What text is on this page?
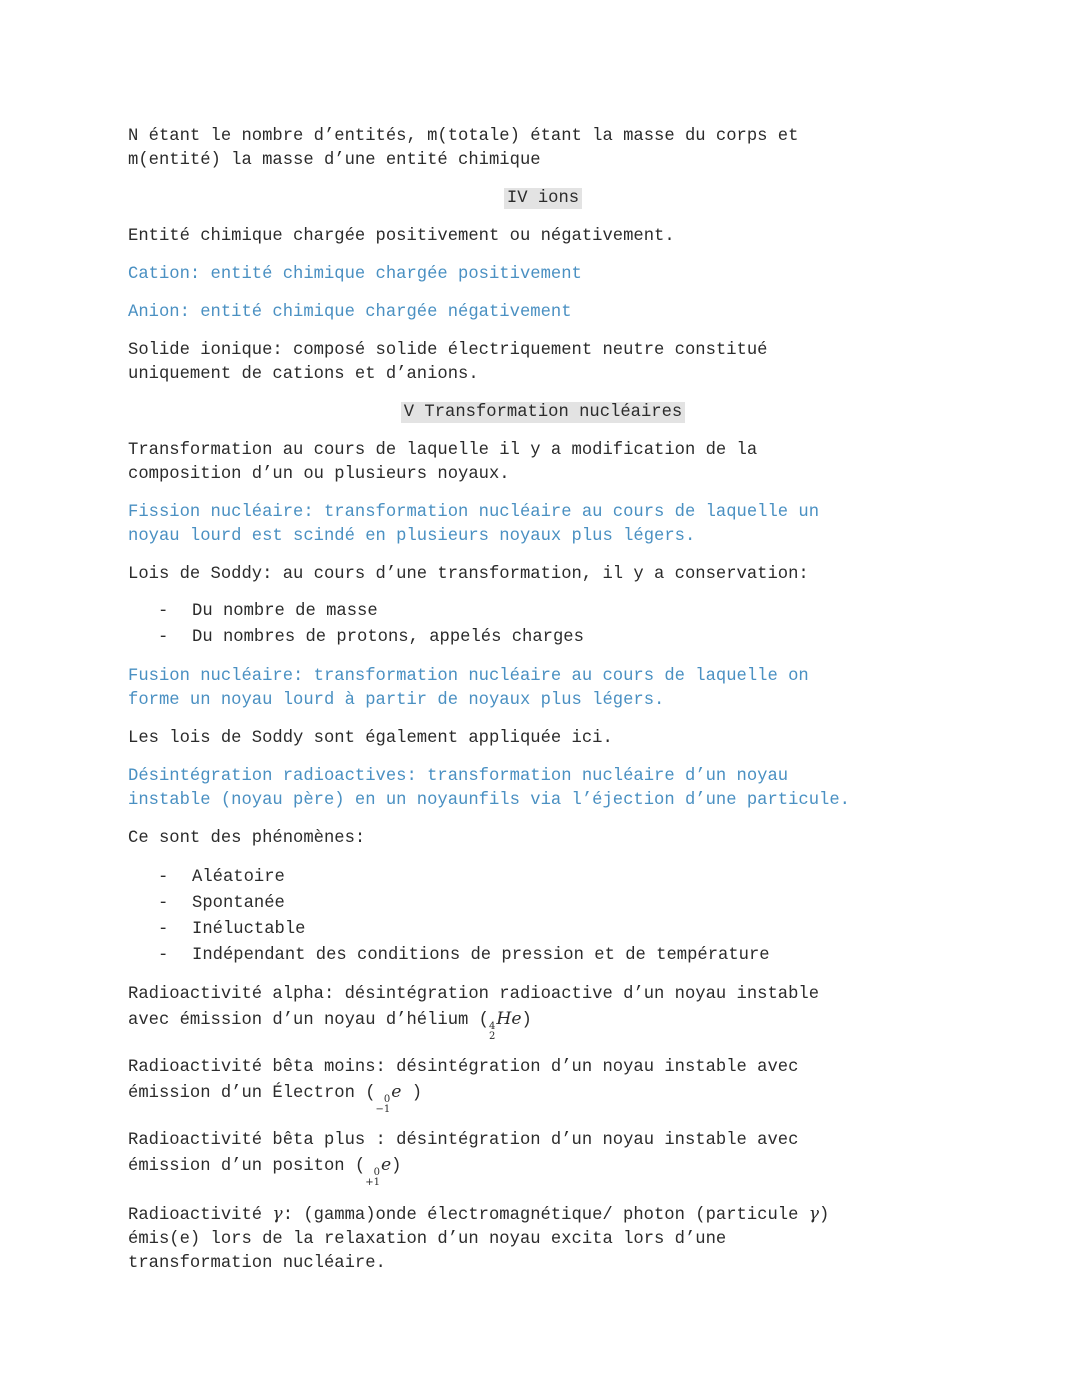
N étant le nombre d’entités, m(totale) étant la masse du corps et
m(entité) la masse d’une entité chimique

IV ions

Entité chimique chargée positivement ou négativement.

Cation: entité chimique chargée positivement

Anion: entité chimique chargée négativement

Solide ionique: composé solide électriquement neutre constitué
uniquement de cations et d’anions.

V Transformation nucléaires

Transformation au cours de laquelle il y a modification de la
composition d’un ou plusieurs noyaux.

Fission nucléaire: transformation nucléaire au cours de laquelle un
noyau lourd est scindé en plusieurs noyaux plus légers.

Lois de Soddy: au cours d’une transformation, il y a conservation:

- Du nombre de masse
- Du nombres de protons, appelés charges

Fusion nucléaire: transformation nucléaire au cours de laquelle on
forme un noyau lourd à partir de noyaux plus légers.

Les lois de Soddy sont également appliquée ici.

Désintégration radioactives: transformation nucléaire d’un noyau
instable (noyau père) en un noyaunfils via l’éjection d’une particule.

Ce sont des phénomènes:

- Aléatoire
- Spontanée
- Inéluctable
- Indépendant des conditions de pression et de température

Radioactivité alpha: désintégration radioactive d’un noyau instable
avec émission d’un noyau d’hélium ( 4
2
He)

Radioactivité bêta moins: désintégration d’un noyau instable avec
émission d’un Électron ( 0
−1
e )

Radioactivité bêta plus : désintégration d’un noyau instable avec
émission d’un positon ( 0
+1
e)

Radioactivité γ: (gamma)onde électromagnétique/ photon (particule γ)
émis(e) lors de la relaxation d’un noyau excita lors d’une
transformation nucléaire.
